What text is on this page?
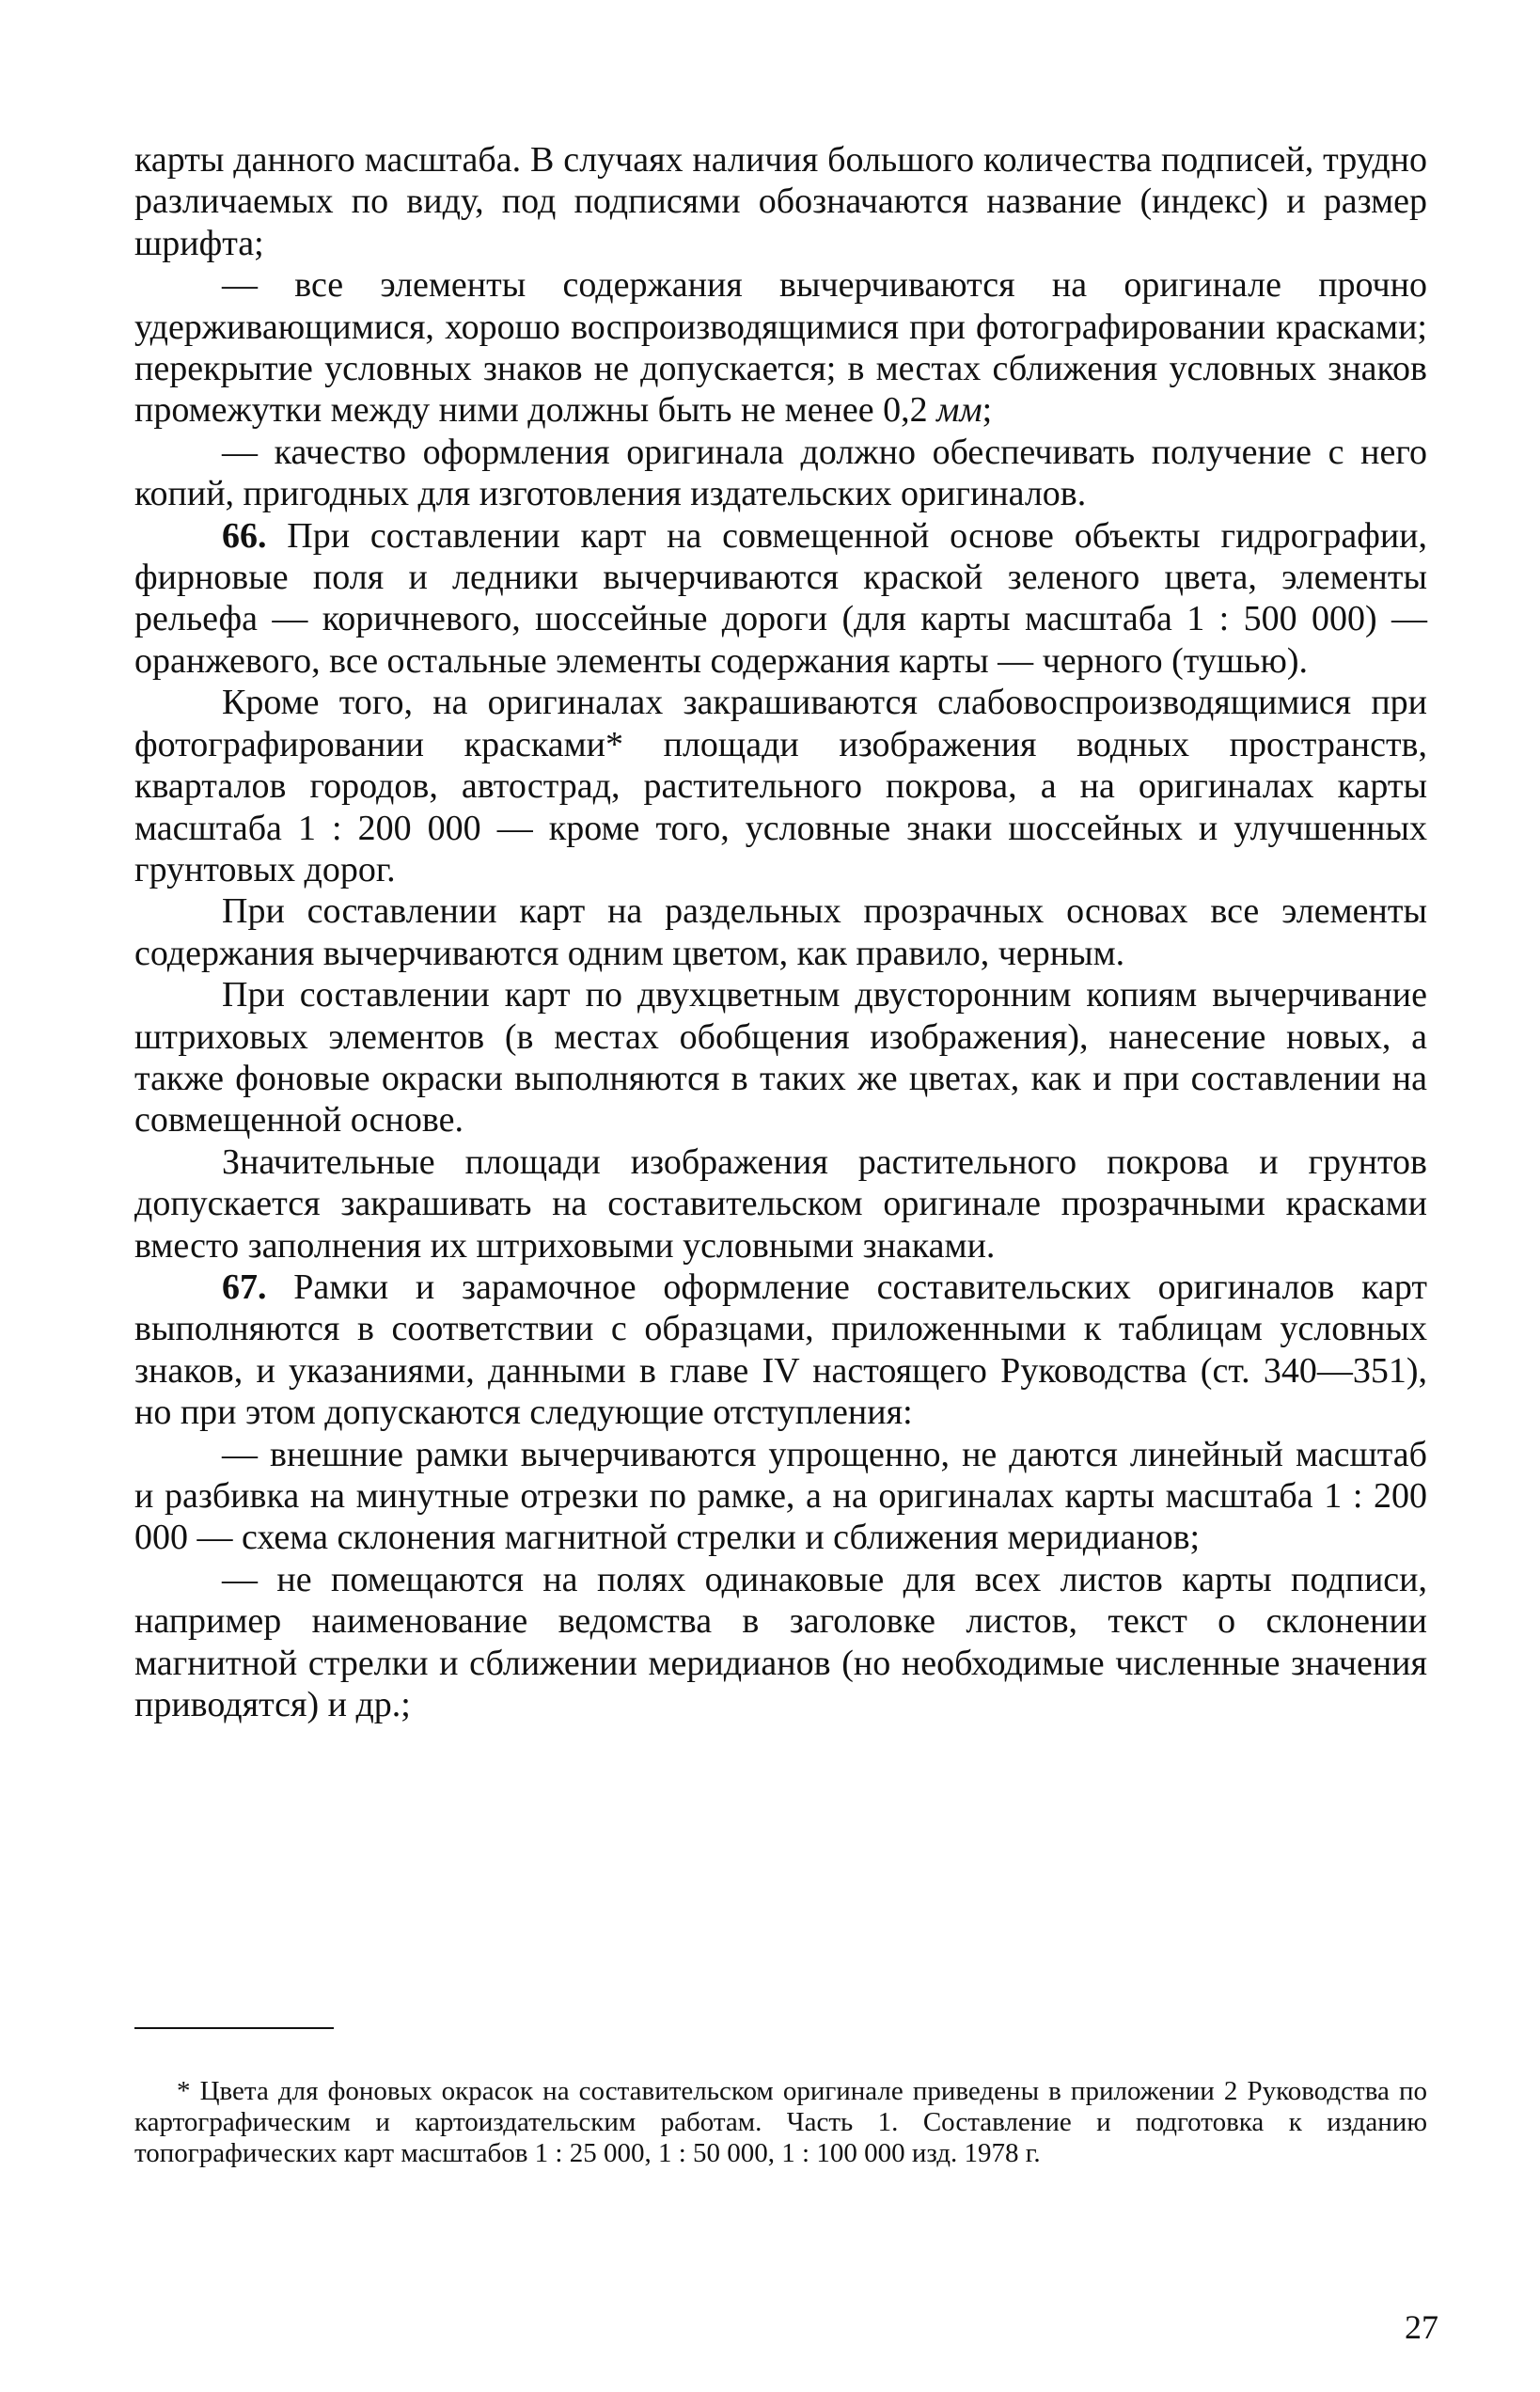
карты данного масштаба. В случаях наличия большого количества подписей, трудно различаемых по виду, под подписями обозначаются название (индекс) и размер шрифта;

— все элементы содержания вычерчиваются на оригинале прочно удерживающимися, хорошо воспроизводящимися при фотографировании красками; перекрытие условных знаков не допускается; в местах сближения условных знаков промежутки между ними должны быть не менее 0,2 мм;

— качество оформления оригинала должно обеспечивать получение с него копий, пригодных для изготовления издательских оригиналов.

66. При составлении карт на совмещенной основе объекты гидрографии, фирновые поля и ледники вычерчиваются краской зеленого цвета, элементы рельефа — коричневого, шоссейные дороги (для карты масштаба 1 : 500 000) — оранжевого, все остальные элементы содержания карты — черного (тушью).

Кроме того, на оригиналах закрашиваются слабовоспроизводящимися при фотографировании красками* площади изображения водных пространств, кварталов городов, автострад, растительного покрова, а на оригиналах карты масштаба 1 : 200 000 — кроме того, условные знаки шоссейных и улучшенных грунтовых дорог.

При составлении карт на раздельных прозрачных основах все элементы содержания вычерчиваются одним цветом, как правило, черным.

При составлении карт по двухцветным двусторонним копиям вычерчивание штриховых элементов (в местах обобщения изображения), нанесение новых, а также фоновые окраски выполняются в таких же цветах, как и при составлении на совмещенной основе.

Значительные площади изображения растительного покрова и грунтов допускается закрашивать на составительском оригинале прозрачными красками вместо заполнения их штриховыми условными знаками.

67. Рамки и зарамочное оформление составительских оригиналов карт выполняются в соответствии с образцами, приложенными к таблицам условных знаков, и указаниями, данными в главе IV настоящего Руководства (ст. 340—351), но при этом допускаются следующие отступления:

— внешние рамки вычерчиваются упрощенно, не даются линейный масштаб и разбивка на минутные отрезки по рамке, а на оригиналах карты масштаба 1 : 200 000 — схема склонения магнитной стрелки и сближения меридианов;

— не помещаются на полях одинаковые для всех листов карты подписи, например наименование ведомства в заголовке листов, текст о склонении магнитной стрелки и сближении меридианов (но необходимые численные значения приводятся) и др.;

* Цвета для фоновых окрасок на составительском оригинале приведены в приложении 2 Руководства по картографическим и картоиздательским работам. Часть 1. Составление и подготовка к изданию топографических карт масштабов 1 : 25 000, 1 : 50 000, 1 : 100 000 изд. 1978 г.

27
